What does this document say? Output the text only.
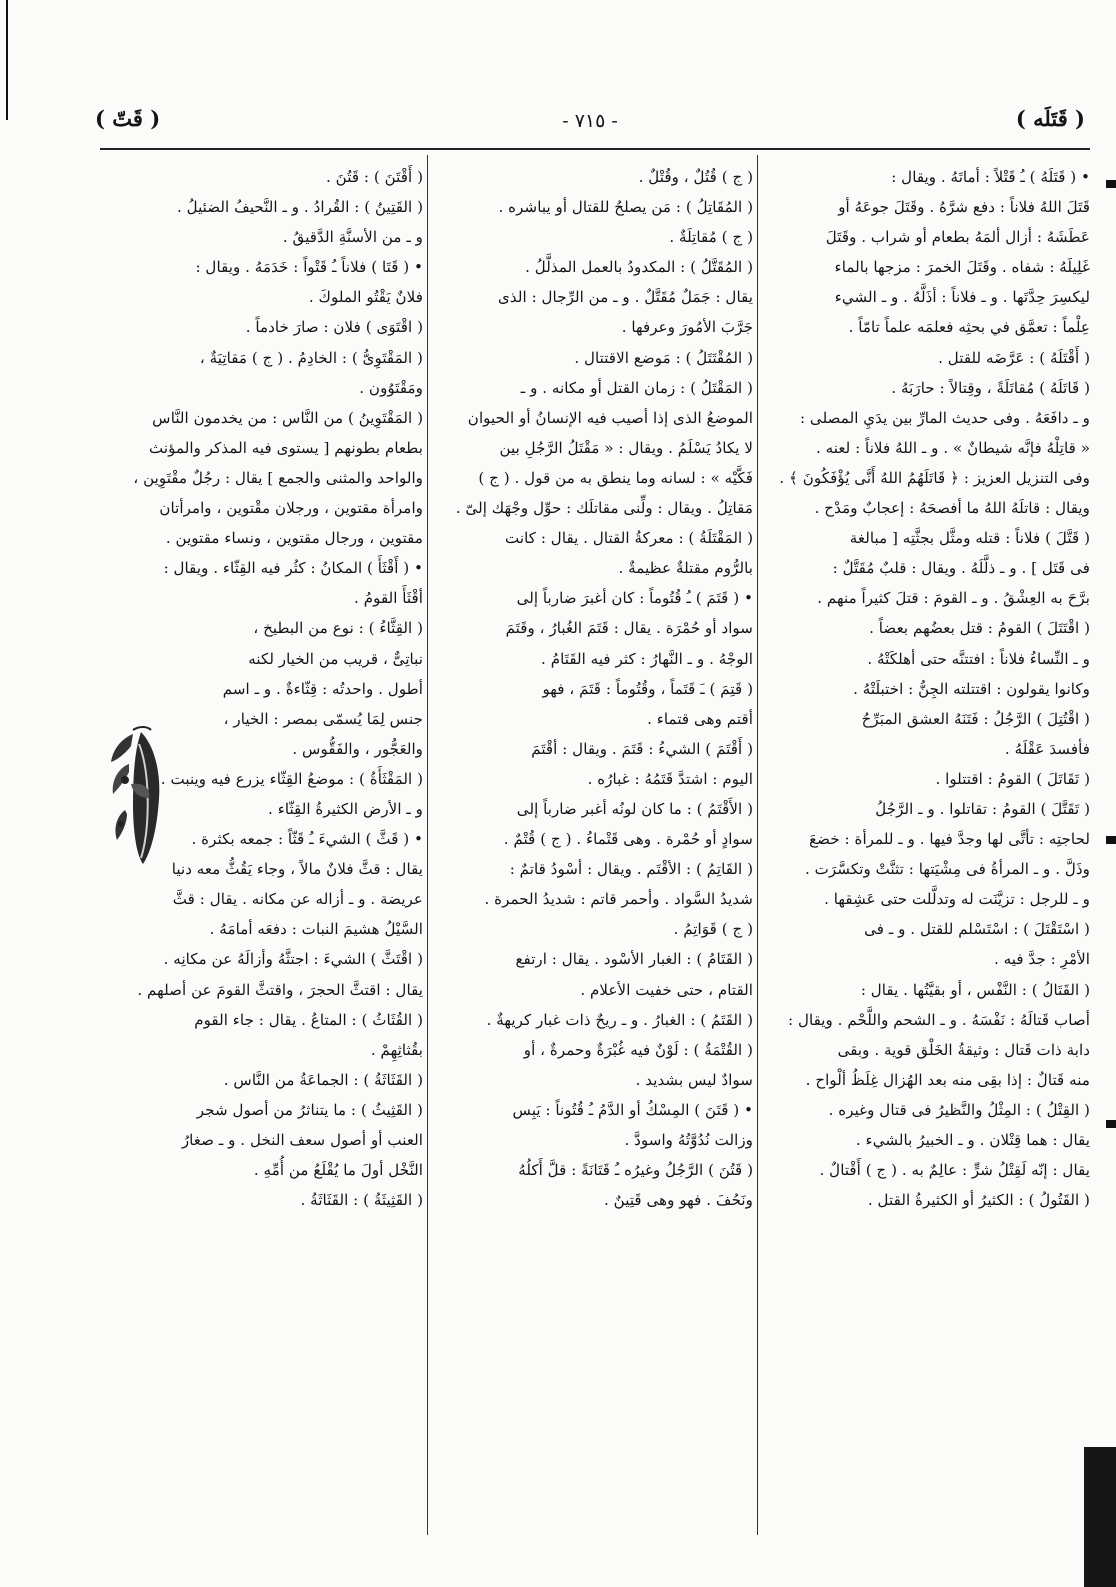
( قَتَلَه )
- ٧١٥ -
( قَتّ )

• ( قَتَلَهُ ) ـُ قَتْلاً : أماتَهُ . ويقال :

قَتَلَ اللهُ فلاناً : دفع شرَّهُ . وقَتَلَ جوعَهُ أو

عَطَشَهُ : أزال ألمَهُ بطعام أو شراب . وقَتَلَ

غَلِيلَهُ : شفاه . وقَتَلَ الخمرَ : مزجها بالماء

ليكسِرَ حِدَّتَها . و ـ فلاناً : أذَلَّهُ . و ـ الشيء

عِلْماً : تعمَّق في بحثِه فعلمَه علماً تامّاً .

( أَقْتَلَهُ ) : عَرَّضَه للقتل .

( قَاتَلَهُ ) مُقاتَلَةً ، وقِتالاً : حارَبَهُ .

و ـ دافَعَهُ . وفى حديث المارِّ بين يدَيِ المصلى :

« قاتِلْهُ فإنَّه شيطانٌ » . و ـ اللهُ فلاناً : لعنه .

وفى التنزيل العزيز : ﴿ قَاتَلَهُمُ اللهُ أَنَّى يُؤْفَكُونَ ﴾ .

ويقال : قاتلَهُ اللهُ ما أفصحَهُ : إعجابٌ ومَدْح .

( قَتَّلَ ) فلاناً : قتله ومثَّل بجثَّتِه [ مبالغة

فى قَتَل ] . و ـ ذلَّلَهُ . ويقال : قلبٌ مُقَتَّلٌ :

برَّحَ به العِشْقُ . و ـ القومَ : قتلَ كثيراً منهم .

( اقْتَتَلَ ) القومُ : قتل بعضُهم بعضاً .

و ـ النِّساءُ فلاناً : افتتنَّه حتى أهلكَتْهُ .

وكانوا يقولون : اقتتلته الجِنُّ : اختبلَتْهُ .

( اقْتُتِلَ ) الرَّجُلُ : فَتَنَهُ العشق المبَرِّحُ

فأفسدَ عَقْلَهُ .

( تَقَاتَلَ ) القومُ : اقتتلوا .

( تَقَتَّلَ ) القومُ : تقاتلوا . و ـ الرَّجُلُ

لحاجتِه : تأتَّى لها وجدَّ فيها . و ـ للمرأة : خضعَ

وذَلَّ . و ـ المرأةُ فى مِشْيَتها : تثنَّتْ وتكسَّرَت .

و ـ للرجل : تزيَّنَت له وتدلَّلت حتى عَشِقها .

( اسْتَقْتَلَ ) : اسْتَسْلم للقتل . و ـ فى

الأمْرِ : جدَّ فيه .

( القَتَالُ ) : النَّفْس ، أو بقيَّتُها . يقال :

أصاب قَتالَهُ : نَفْسَهُ . و ـ الشحم واللَّحْم . ويقال :

دابة ذات قَتال : وثيقةُ الخَلْق قوية . وبقى

منه قَتالٌ : إذا بقِى منه بعد الهُزال غِلَظُ ألْواح .

( القِتْلُ ) : المِثْلُ والنَّظيرُ فى قتال وغيره .

يقال : هما قِتْلان . و ـ الخبيرُ بالشيء .

يقال : إنّه لَقِتْلُ شرٍّ : عالِمٌ به . ( ج ) أَقْتالٌ .

( القَتُولُ ) : الكثيرُ أو الكثيرةُ القتل .

( ج ) قُتُلٌ ، وقُتْلٌ .

( المُقَاتِلُ ) : مَن يصلحُ للقتال أو يباشره .

( ج ) مُقاتِلَةٌ .

( المُقَتَّلُ ) : المكدودُ بالعمل المذلَّلُ .

يقال : جَمَلٌ مُقَتَّلٌ . و ـ من الرِّجال : الذى

جَرَّبَ الأمُورَ وعرفها .

( المُقْتَتَلُ ) : مَوضع الاقتتال .

( المَقْتَلُ ) : زمان القتل أو مكانه . و ـ

الموضعُ الذى إذا أصيب فيه الإنسانُ أو الحيوان

لا يكادُ يَسْلَمُ . ويقال : « مَقْتَلُ الرَّجُلِ بين

فَكَّيْه » : لسانه وما ينطق به من قول . ( ج )

مَقاتِلُ . ويقال : ولِّنى مقاتلَك : حوِّل وجْهَك إلىّ .

( المَقْتَلَةُ ) : معركةُ القتال . يقال : كانت

بالرُّوم مقتلةٌ عظيمةٌ .

• ( قَتَمَ ) ـُ قُتُوماً : كان أغبرَ ضارباً إلى

سواد أو حُمْرَة . يقال : قَتَمَ الغُبارُ ، وقَتَمَ

الوجْهُ . و ـ النَّهارُ : كثر فيه القَتَامُ .

( قَتِمَ ) ـَ قَتَماً ، وقُتُوماً : قَتَمَ ، فهو

أقتم وهى قتماء .

( أَقْتَمَ ) الشيءُ : قَتَمَ . ويقال : أقْتَمَ

اليوم : اشتدَّ قَتَمُهُ : غبارُه .

( الأَقْتَمُ ) : ما كان لونُه أغبر ضارباً إلى

سوادٍ أو حُمْرة . وهى قَتْماءُ . ( ج ) قُتْمٌ .

( القَاتِمُ ) : الأقْتَم . ويقال : أسْودُ قاتمٌ :

شديدُ السَّواد . وأحمر قاتم : شديدُ الحمرة .

( ج ) قَوَاتِمُ .

( القَتَامُ ) : الغبار الأسْود . يقال : ارتفع

القتام ، حتى خفيت الأعلام .

( القَتَمُ ) : الغبارُ . و ـ ريحٌ ذات غبار كريهةٌ .

( القُتْمَةُ ) : لَوْنٌ فيه غُبْرَةٌ وحمرةٌ ، أو

سوادٌ ليس بشديد .

• ( قَتَنَ ) المِسْكُ أو الدَّمُ ـُ قُتُوناً : يَبِس

وزالت نُدُوَّتُهُ واسودَّ .

( قَتُنَ ) الرَّجُلُ وغيرُه ـُ قَتَانَةً : قلَّ أَكلُهُ

ونَحُفَ . فهو وهى قَتِينٌ .

( أَقْتَنَ ) : قَتُنَ .

( القَتِينُ ) : القُرادُ . و ـ النَّحيفُ الضئيلُ .

و ـ من الأسنَّةِ الدَّقيقُ .

• ( قَتَا ) فلاناً ـُ قَتْواً : خَدَمَهُ . ويقال :

فلانٌ يَقْتُو الملوكَ .

( اقْتَوَى ) فلان : صارَ خادماً .

( المَقْتَوِىُّ ) : الخادِمُ . ( ج ) مَقاتِيَةٌ ،

ومَقْتَوُون .

( المَقْتَوِينُ ) من النَّاس : من يخدمون النَّاس

بطعام بطونهم [ يستوى فيه المذكر والمؤنث

والواحد والمثنى والجمع ] يقال : رجُلٌ مقْتَوِين ،

وامرأة مقتوين ، ورجلان مقْتوين ، وامرأتان

مقتوين ، ورجال مقتوين ، ونساء مقتوين .

• ( أَقْثَأَ ) المكانُ : كثُر فيه القِثّاء . ويقال :

أقْثَأَ القومُ .

( القِثَّاءُ ) : نوع من البطيخ ،

نباتِىٌّ ، قريب من الخيار لكنه

أطول . واحدتُه : قِثّاءةٌ . و ـ اسم

جنس لِمَا يُسمّى بمصر : الخيار ،

والعَجُّور ، والفَقُّوس .

( المَقْثَأَةُ ) : موضعُ القِثّاء يزرع فيه وينبت .

و ـ الأرض الكثيرةُ القِثّاء .

• ( قَثَّ ) الشيءَ ـُ قَثّاً : جمعه بكثرة .

يقال : قثَّ فلانٌ مالاً ، وجاء يَقُثُّ معه دنيا

عريضة . و ـ أزاله عن مكانه . يقال : قثَّ

السَّيْلُ هشيمَ النبات : دفعَه أمامَهُ .

( اقْتَثَّ ) الشيءَ : اجتثَّهُ وأزالَهُ عن مكانِه .

يقال : اقتثَّ الحجرَ ، واقتثَّ القومَ عن أصلهم .

( القُثَاثُ ) : المتاعُ . يقال : جاء القوم

بقُثاثِهِمْ .

( القَثَاثَةُ ) : الجماعَةُ من النَّاس .

( القَثِيثُ ) : ما يتناثرُ من أصول شجر

العنب أو أصول سعف النخل . و ـ صغارُ

النَّخْل أولَ ما يُقْلَعُ من أُمِّهِ .

( القَثِيثَةُ ) : القَثَاثَةُ .
